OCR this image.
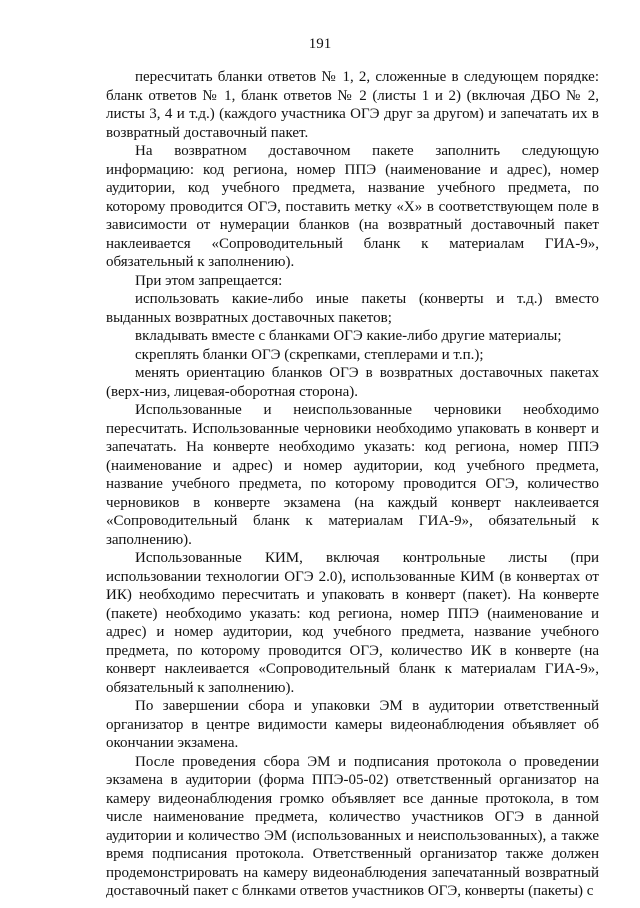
191

пересчитать бланки ответов № 1, 2, сложенные в следующем порядке: бланк ответов № 1, бланк ответов № 2 (листы 1 и 2) (включая ДБО № 2, листы 3, 4 и т.д.) (каждого участника ОГЭ друг за другом) и запечатать их в возвратный доставочный пакет.

На возвратном доставочном пакете заполнить следующую информацию: код региона, номер ППЭ (наименование и адрес), номер аудитории, код учебного предмета, название учебного предмета, по которому проводится ОГЭ, поставить метку «X» в соответствующем поле в зависимости от нумерации бланков (на возвратный доставочный пакет наклеивается «Сопроводительный бланк к материалам ГИА-9», обязательный к заполнению).

При этом запрещается:

использовать какие-либо иные пакеты (конверты и т.д.) вместо выданных возвратных доставочных пакетов;

вкладывать вместе с бланками ОГЭ какие-либо другие материалы;

скреплять бланки ОГЭ (скрепками, степлерами и т.п.);

менять ориентацию бланков ОГЭ в возвратных доставочных пакетах (верх-низ, лицевая-оборотная сторона).

Использованные и неиспользованные черновики необходимо пересчитать. Использованные черновики необходимо упаковать в конверт и запечатать. На конверте необходимо указать: код региона, номер ППЭ (наименование и адрес) и номер аудитории, код учебного предмета, название учебного предмета, по которому проводится ОГЭ, количество черновиков в конверте экзамена (на каждый конверт наклеивается «Сопроводительный бланк к материалам ГИА-9», обязательный к заполнению).

Использованные КИМ, включая контрольные листы (при использовании технологии ОГЭ 2.0), использованные КИМ (в конвертах от ИК) необходимо пересчитать и упаковать в конверт (пакет). На конверте (пакете) необходимо указать: код региона, номер ППЭ (наименование и адрес) и номер аудитории, код учебного предмета, название учебного предмета, по которому проводится ОГЭ, количество ИК в конверте (на конверт наклеивается «Сопроводительный бланк к материалам ГИА-9», обязательный к заполнению).

По завершении сбора и упаковки ЭМ в аудитории ответственный организатор в центре видимости камеры видеонаблюдения объявляет об окончании экзамена.

После проведения сбора ЭМ и подписания протокола о проведении экзамена в аудитории (форма ППЭ-05-02) ответственный организатор на камеру видеонаблюдения громко объявляет все данные протокола, в том числе наименование предмета, количество участников ОГЭ в данной аудитории и количество ЭМ (использованных и неиспользованных), а также время подписания протокола. Ответственный организатор также должен продемонстрировать на камеру видеонаблюдения запечатанный возвратный доставочный пакет с блнками ответов участников ОГЭ, конверты (пакеты) с
